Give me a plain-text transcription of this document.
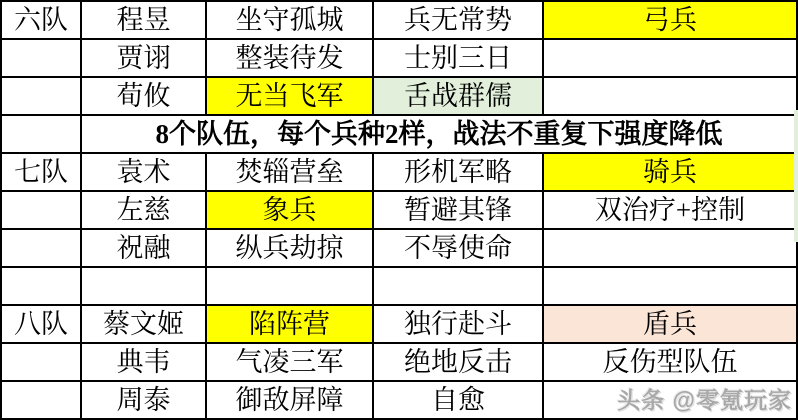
六队	程昱	坐守孤城	兵无常势	弓兵
	贾诩	整装待发	士别三日	
	荀攸	无当飞军	舌战群儒	
	8个队伍，每个兵种2样，战法不重复下强度降低			
七队	袁术	焚辎营垒	形机军略	骑兵
	左慈	象兵	暂避其锋	双治疗+控制
	祝融	纵兵劫掠	不辱使命	

八队	蔡文姬	陷阵营	独行赴斗	盾兵
	典韦	气凌三军	绝地反击	反伤型队伍
	周泰	御敌屏障	自愈		头条 @零氪玩家
